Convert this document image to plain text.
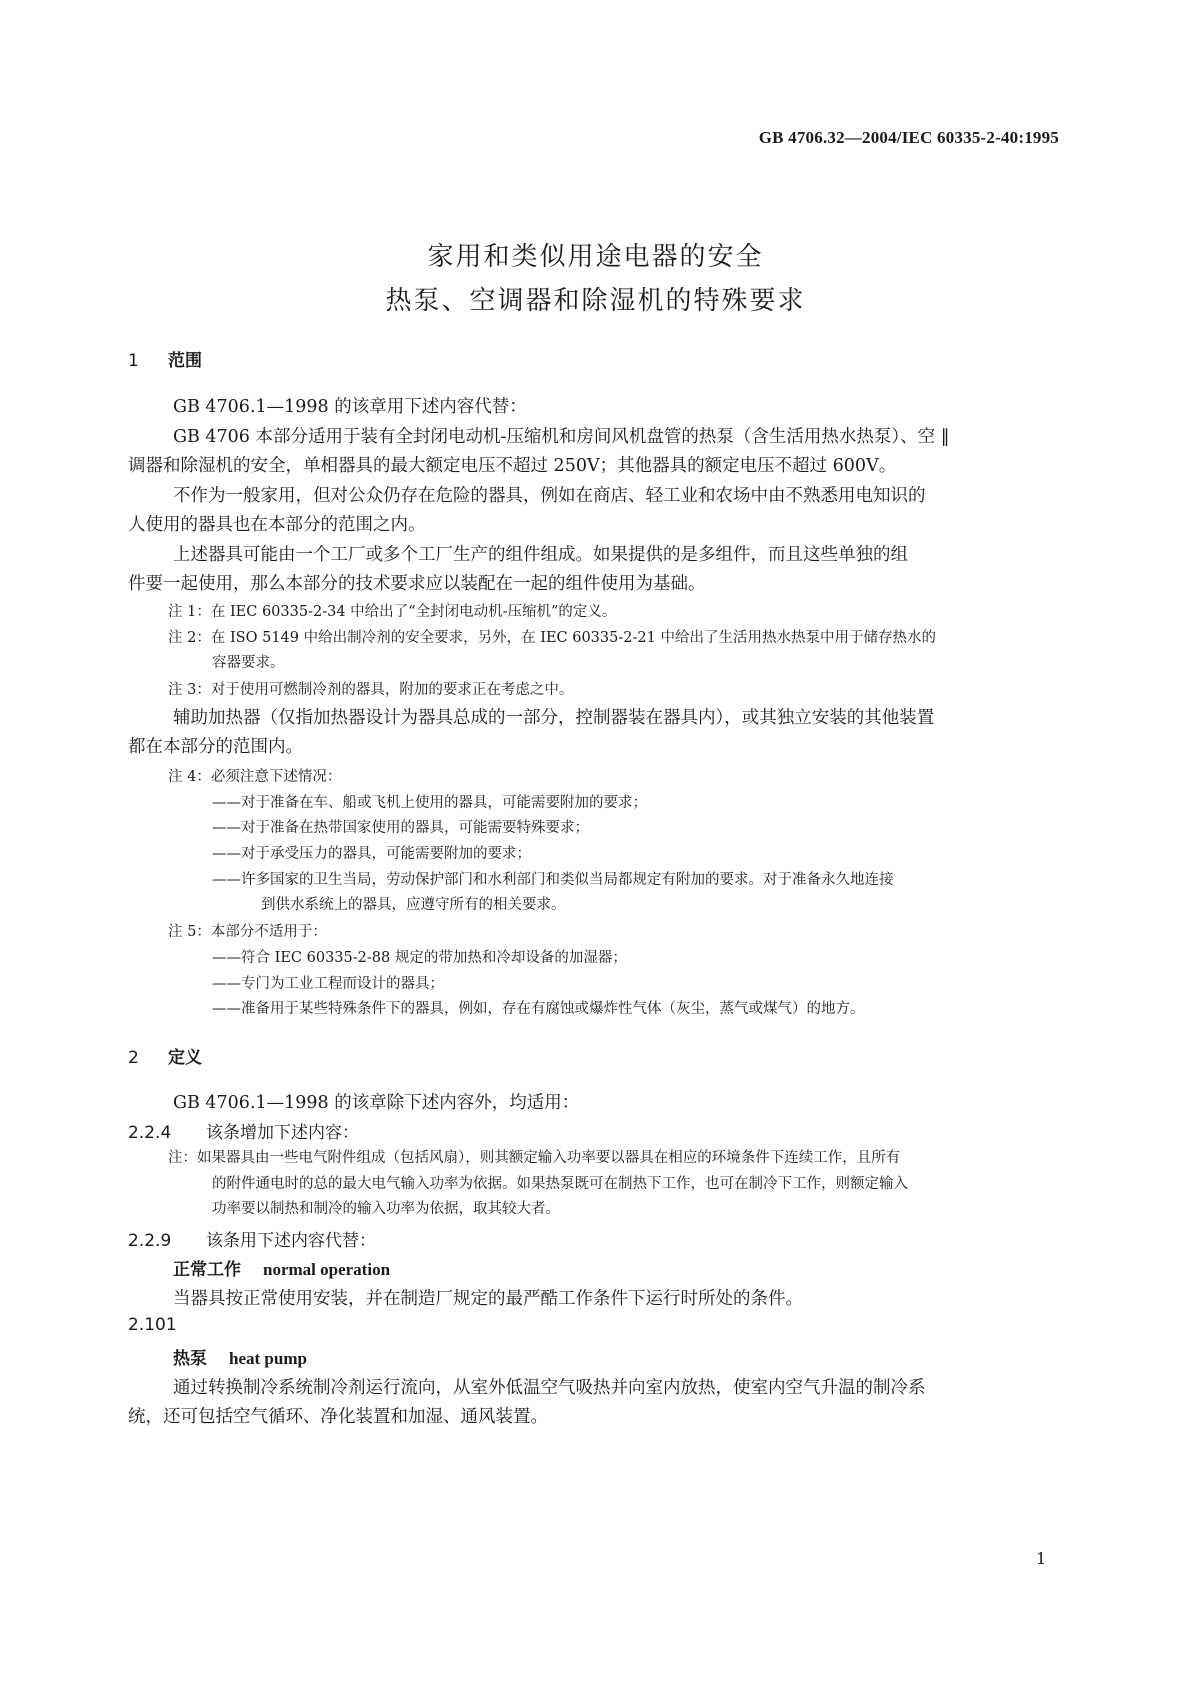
GB 4706.32—2004/IEC 60335-2-40:1995
家用和类似用途电器的安全
热泵、空调器和除湿机的特殊要求
1 范围
GB 4706.1—1998 的该章用下述内容代替：
GB 4706 本部分适用于装有全封闭电动机-压缩机和房间风机盘管的热泵（含生活用热水热泵）、空 ‖
调器和除湿机的安全，单相器具的最大额定电压不超过 250V；其他器具的额定电压不超过 600V。
不作为一般家用，但对公众仍存在危险的器具，例如在商店、轻工业和农场中由不熟悉用电知识的
人使用的器具也在本部分的范围之内。
上述器具可能由一个工厂或多个工厂生产的组件组成。如果提供的是多组件，而且这些单独的组
件要一起使用，那么本部分的技术要求应以装配在一起的组件使用为基础。
注 1：在 IEC 60335-2-34 中给出了“全封闭电动机-压缩机”的定义。
注 2：在 ISO 5149 中给出制冷剂的安全要求，另外，在 IEC 60335-2-21 中给出了生活用热水热泵中用于储存热水的
容器要求。
注 3：对于使用可燃制冷剂的器具，附加的要求正在考虑之中。
辅助加热器（仅指加热器设计为器具总成的一部分，控制器装在器具内），或其独立安装的其他装置
都在本部分的范围内。
注 4：必须注意下述情况：
——对于准备在车、船或飞机上使用的器具，可能需要附加的要求；
——对于准备在热带国家使用的器具，可能需要特殊要求；
——对于承受压力的器具，可能需要附加的要求；
——许多国家的卫生当局，劳动保护部门和水利部门和类似当局都规定有附加的要求。对于准备永久地连接
到供水系统上的器具，应遵守所有的相关要求。
注 5：本部分不适用于：
——符合 IEC 60335-2-88 规定的带加热和冷却设备的加湿器；
——专门为工业工程而设计的器具；
——准备用于某些特殊条件下的器具，例如，存在有腐蚀或爆炸性气体（灰尘，蒸气或煤气）的地方。
2 定义
GB 4706.1—1998 的该章除下述内容外，均适用：
2.2.4 该条增加下述内容：
注：如果器具由一些电气附件组成（包括风扇），则其额定输入功率要以器具在相应的环境条件下连续工作，且所有
的附件通电时的总的最大电气输入功率为依据。如果热泵既可在制热下工作，也可在制冷下工作，则额定输入
功率要以制热和制冷的输入功率为依据，取其较大者。
2.2.9 该条用下述内容代替：
正常工作 normal operation
当器具按正常使用安装，并在制造厂规定的最严酷工作条件下运行时所处的条件。
2.101
热泵 heat pump
通过转换制冷系统制冷剂运行流向，从室外低温空气吸热并向室内放热，使室内空气升温的制冷系
统，还可包括空气循环、净化装置和加湿、通风装置。
1
